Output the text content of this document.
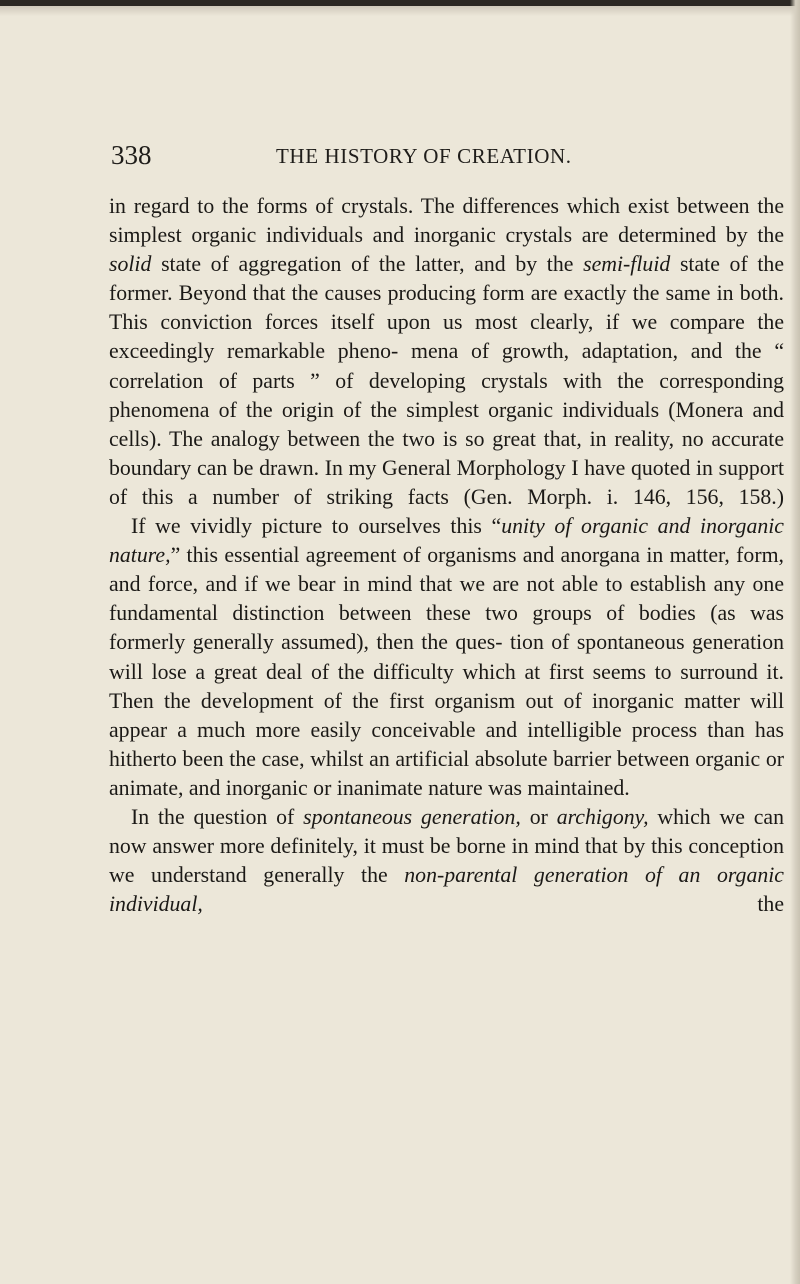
338	THE HISTORY OF CREATION.

in regard to the forms of crystals. The differences which exist between the simplest organic individuals and inorganic crystals are determined by the solid state of aggregation of the latter, and by the semi-fluid state of the former. Beyond that the causes producing form are exactly the same in both. This conviction forces itself upon us most clearly, if we compare the exceedingly remarkable pheno- mena of growth, adaptation, and the “ correlation of parts ” of developing crystals with the corresponding phenomena of the origin of the simplest organic individuals (Monera and cells). The analogy between the two is so great that, in reality, no accurate boundary can be drawn. In my General Morphology I have quoted in support of this a number of striking facts (Gen. Morph. i. 146, 156, 158.)

If we vividly picture to ourselves this “unity of organic and inorganic nature,” this essential agreement of organisms and anorgana in matter, form, and force, and if we bear in mind that we are not able to establish any one fundamental distinction between these two groups of bodies (as was formerly generally assumed), then the ques- tion of spontaneous generation will lose a great deal of the difficulty which at first seems to surround it. Then the development of the first organism out of inorganic matter will appear a much more easily conceivable and intelligible process than has hitherto been the case, whilst an artificial absolute barrier between organic or animate, and inorganic or inanimate nature was maintained.

In the question of spontaneous generation, or archigony, which we can now answer more definitely, it must be borne in mind that by this conception we understand generally the non-parental generation of an organic individual, the
